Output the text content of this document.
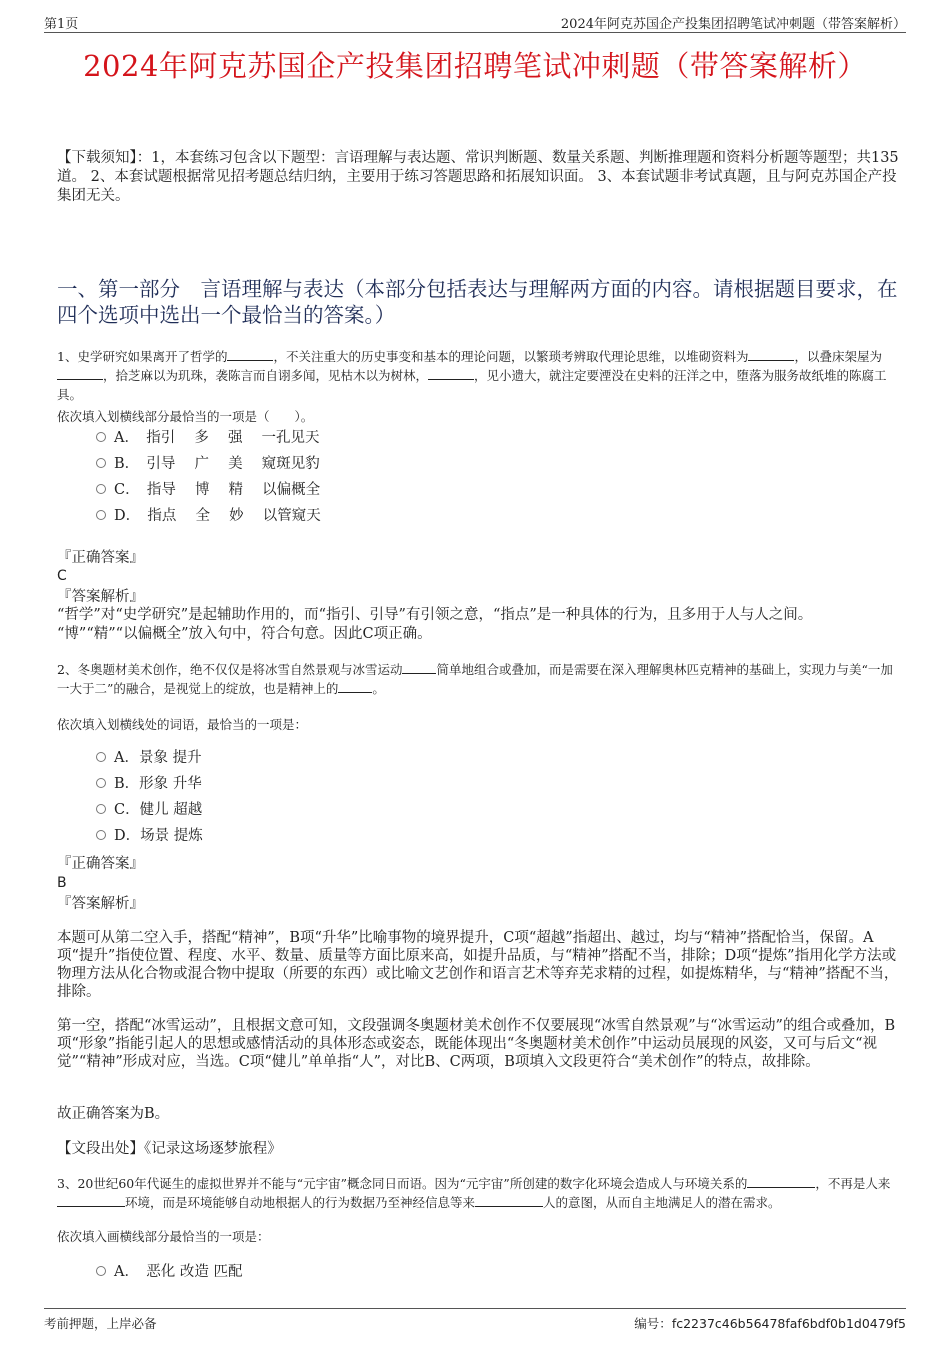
第1页	2024年阿克苏国企产投集团招聘笔试冲刺题（带答案解析）
2024年阿克苏国企产投集团招聘笔试冲刺题（带答案解析）
【下载须知】：1，本套练习包含以下题型：言语理解与表达题、常识判断题、数量关系题、判断推理题和资料分析题等题型；共135道。 2、本套试题根据常见招考题总结归纳，主要用于练习答题思路和拓展知识面。 3、本套试题非考试真题，且与阿克苏国企产投集团无关。
一、第一部分　言语理解与表达（本部分包括表达与理解两方面的内容。请根据题目要求，在四个选项中选出一个最恰当的答案。）
1、史学研究如果离开了哲学的	，不关注重大的历史事变和基本的理论问题，以繁琐考辨取代理论思维，以堆砌资料为	，以叠床架屋为，拾芝麻以为玑珠，袭陈言而自诩多闻，见枯木以为树林，	，见小遗大，就注定要湮没在史料的汪洋之中，堕落为服务故纸堆的陈腐工具。
依次填入划横线部分最恰当的一项是（　　）。
A．　指引　 多　 强　 一孔见天
B．　引导　 广　 美　 窥斑见豹
C．　指导　 博　 精　 以偏概全
D．　指点　 全　 妙　 以管窥天
『正确答案』
C
『答案解析』
“哲学”对“史学研究”是起辅助作用的，而“指引、引导”有引领之意，“指点”是一种具体的行为，且多用于人与人之间。
“博”“精”“以偏概全”放入句中，符合句意。因此C项正确。
2、冬奥题材美术创作，绝不仅仅是将冰雪自然景观与冰雪运动	简单地组合或叠加，而是需要在深入理解奥林匹克精神的基础上，实现力与美“一加一大于二”的融合，是视觉上的绽放，也是精神上的	。
依次填入划横线处的词语，最恰当的一项是：
A．景象 提升
B．形象 升华
C．健儿 超越
D．场景 提炼
『正确答案』
B
『答案解析』
本题可从第二空入手，搭配“精神”，B项“升华”比喻事物的境界提升，C项“超越”指超出、越过，均与“精神”搭配恰当，保留。A项“提升”指使位置、程度、水平、数量、质量等方面比原来高，如提升品质，与“精神”搭配不当，排除；D项“提炼”指用化学方法或物理方法从化合物或混合物中提取（所要的东西）或比喻文艺创作和语言艺术等弃芜求精的过程，如提炼精华，与“精神”搭配不当，排除。
第一空，搭配“冰雪运动”，且根据文意可知，文段强调冬奥题材美术创作不仅要展现“冰雪自然景观”与“冰雪运动”的组合或叠加，B项“形象”指能引起人的思想或感情活动的具体形态或姿态，既能体现出“冬奥题材美术创作”中运动员展现的风姿，又可与后文“视觉”“精神”形成对应，当选。C项“健儿”单单指“人”，对比B、C两项，B项填入文段更符合“美术创作”的特点，故排除。
故正确答案为B。
【文段出处】《记录这场逐梦旅程》
3、20世纪60年代诞生的虚拟世界并不能与“元宇宙”概念同日而语。因为“元宇宙”所创建的数字化环境会造成人与环境关系的	，不再是人来环境，而是环境能够自动地根据人的行为数据乃至神经信息等来	人的意图，从而自主地满足人的潜在需求。
依次填入画横线部分最恰当的一项是：
A．　恶化 改造 匹配
考前押题，上岸必备	编号：fc2237c46b56478faf6bdf0b1d0479f5
